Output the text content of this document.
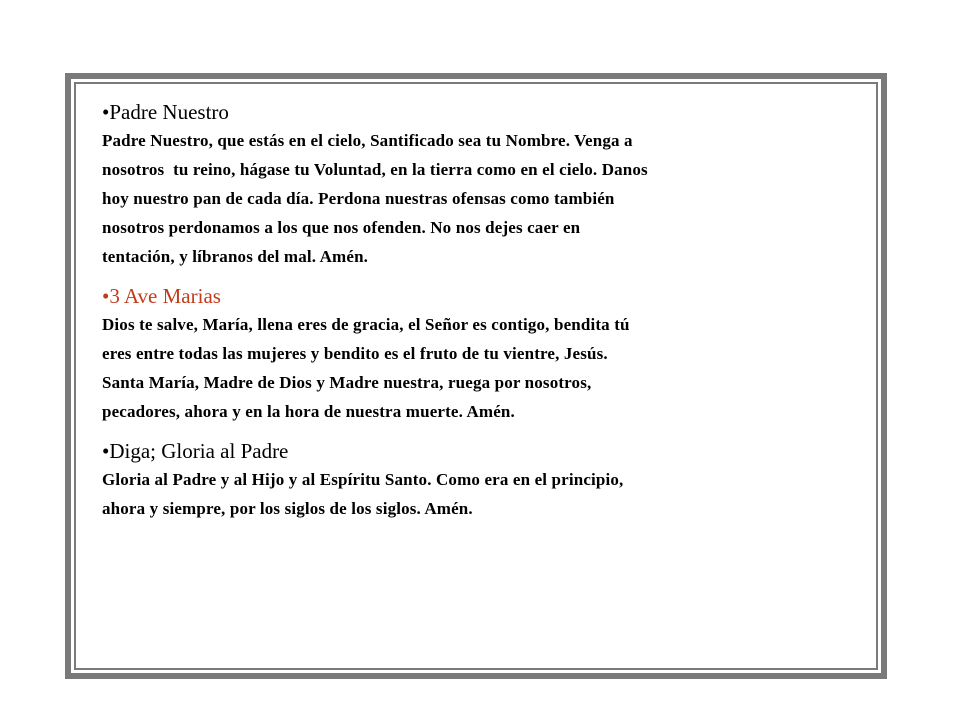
•Padre Nuestro

Padre Nuestro, que estás en el cielo, Santificado sea tu Nombre. Venga a
nosotros  tu reino, hágase tu Voluntad, en la tierra como en el cielo. Danos
hoy nuestro pan de cada día. Perdona nuestras ofensas como también
nosotros perdonamos a los que nos ofenden. No nos dejes caer en
tentación, y líbranos del mal. Amén.

•3 Ave Marias

Dios te salve, María, llena eres de gracia, el Señor es contigo, bendita tú
eres entre todas las mujeres y bendito es el fruto de tu vientre, Jesús.
Santa María, Madre de Dios y Madre nuestra, ruega por nosotros,
pecadores, ahora y en la hora de nuestra muerte. Amén.

•Diga; Gloria al Padre

Gloria al Padre y al Hijo y al Espíritu Santo. Como era en el principio,
ahora y siempre, por los siglos de los siglos. Amén.
